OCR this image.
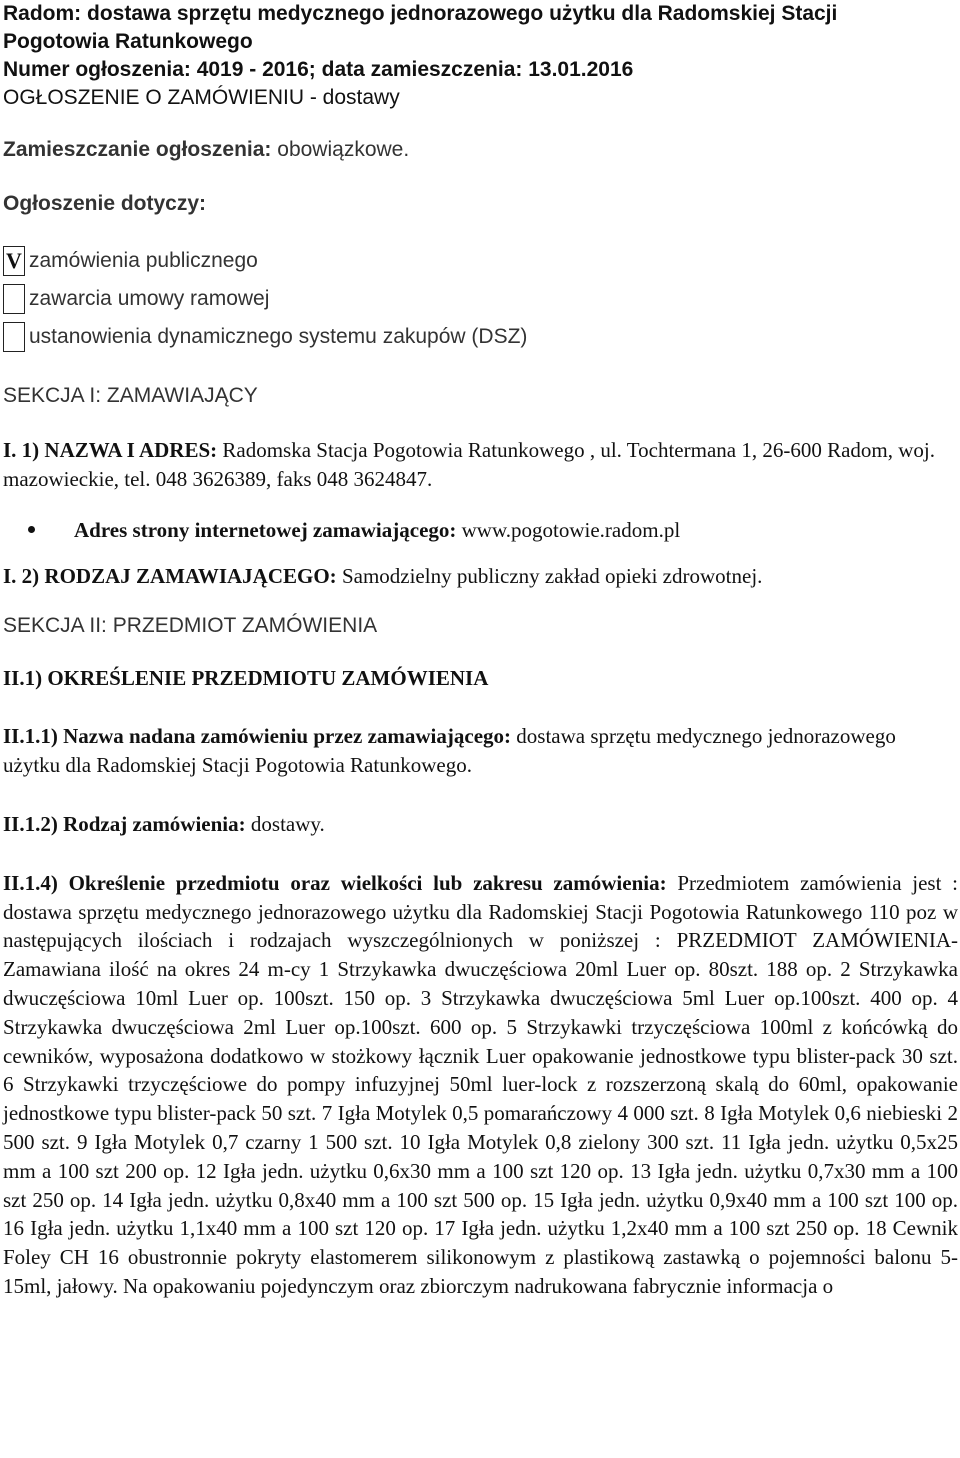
Radom: dostawa sprzętu medycznego jednorazowego użytku dla Radomskiej Stacji
Pogotowia Ratunkowego
Numer ogłoszenia: 4019 - 2016; data zamieszczenia: 13.01.2016
OGŁOSZENIE O ZAMÓWIENIU - dostawy
Zamieszczanie ogłoszenia: obowiązkowe.
Ogłoszenie dotyczy:
V zamówienia publicznego
zawarcia umowy ramowej
ustanowienia dynamicznego systemu zakupów (DSZ)
SEKCJA I: ZAMAWIAJĄCY
I. 1) NAZWA I ADRES: Radomska Stacja Pogotowia Ratunkowego , ul. Tochtermana 1, 26-600 Radom, woj. mazowieckie, tel. 048 3626389, faks 048 3624847.
Adres strony internetowej zamawiającego: www.pogotowie.radom.pl
I. 2) RODZAJ ZAMAWIAJĄCEGO: Samodzielny publiczny zakład opieki zdrowotnej.
SEKCJA II: PRZEDMIOT ZAMÓWIENIA
II.1) OKREŚLENIE PRZEDMIOTU ZAMÓWIENIA
II.1.1) Nazwa nadana zamówieniu przez zamawiającego: dostawa sprzętu medycznego jednorazowego użytku dla Radomskiej Stacji Pogotowia Ratunkowego.
II.1.2) Rodzaj zamówienia: dostawy.
II.1.4) Określenie przedmiotu oraz wielkości lub zakresu zamówienia: Przedmiotem zamówienia jest : dostawa sprzętu medycznego jednorazowego użytku dla Radomskiej Stacji Pogotowia Ratunkowego 110 poz w następujących ilościach i rodzajach wyszczególnionych w poniższej : PRZEDMIOT ZAMÓWIENIA- Zamawiana ilość na okres 24 m-cy 1 Strzykawka dwuczęściowa 20ml Luer op. 80szt. 188 op. 2 Strzykawka dwuczęściowa 10ml Luer op. 100szt. 150 op. 3 Strzykawka dwuczęściowa 5ml Luer op.100szt. 400 op. 4 Strzykawka dwuczęściowa 2ml Luer op.100szt. 600 op. 5 Strzykawki trzyczęściowa 100ml z końcówką do cewników, wyposażona dodatkowo w stożkowy łącznik Luer opakowanie jednostkowe typu blister-pack 30 szt. 6 Strzykawki trzyczęściowe do pompy infuzyjnej 50ml luer-lock z rozszerzoną skalą do 60ml, opakowanie jednostkowe typu blister-pack 50 szt. 7 Igła Motylek 0,5 pomarańczowy 4 000 szt. 8 Igła Motylek 0,6 niebieski 2 500 szt. 9 Igła Motylek 0,7 czarny 1 500 szt. 10 Igła Motylek 0,8 zielony 300 szt. 11 Igła jedn. użytku 0,5x25 mm a 100 szt 200 op. 12 Igła jedn. użytku 0,6x30 mm a 100 szt 120 op. 13 Igła jedn. użytku 0,7x30 mm a 100 szt 250 op. 14 Igła jedn. użytku 0,8x40 mm a 100 szt 500 op. 15 Igła jedn. użytku 0,9x40 mm a 100 szt 100 op. 16 Igła jedn. użytku 1,1x40 mm a 100 szt 120 op. 17 Igła jedn. użytku 1,2x40 mm a 100 szt 250 op. 18 Cewnik Foley CH 16 obustronnie pokryty elastomerem silikonowym z plastikową zastawką o pojemności balonu 5-15ml, jałowy. Na opakowaniu pojedynczym oraz zbiorczym nadrukowana fabrycznie informacja o
